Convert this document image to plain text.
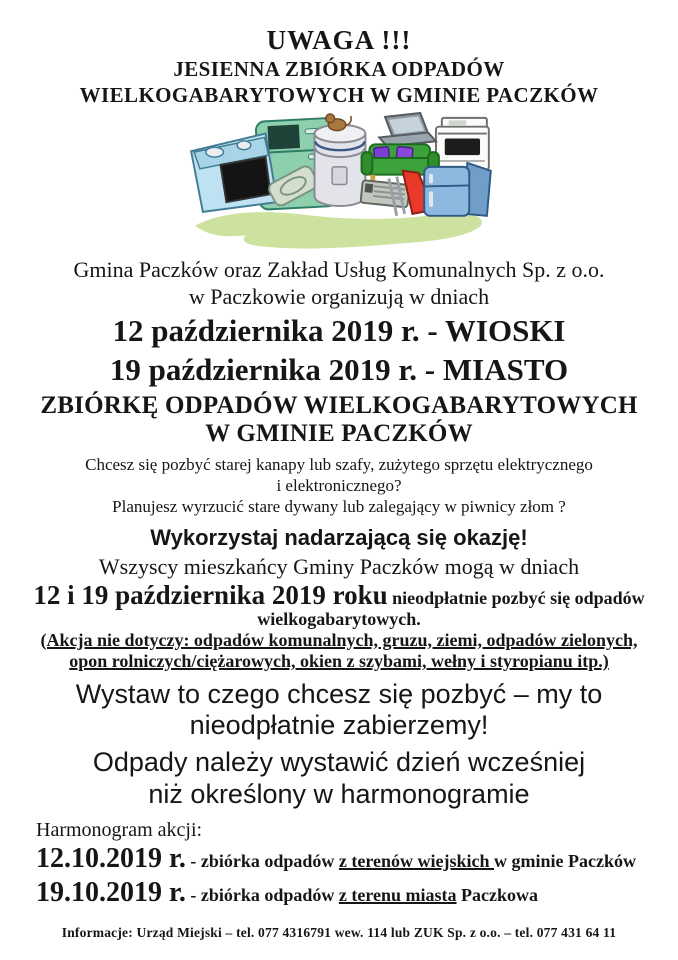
UWAGA !!!
JESIENNA ZBIÓRKA ODPADÓW
WIELKOGABARYTOWYCH W GMINIE PACZKÓW
Gmina Paczków oraz Zakład Usług Komunalnych Sp. z o.o.
w Paczkowie organizują w dniach
12 października 2019 r. - WIOSKI
19 października 2019 r. - MIASTO
ZBIÓRKĘ ODPADÓW WIELKOGABARYTOWYCH
W GMINIE PACZKÓW
Chcesz się pozbyć starej kanapy lub szafy, zużytego sprzętu elektrycznego
i elektronicznego?
Planujesz wyrzucić stare dywany lub zalegający w piwnicy złom ?
Wykorzystaj nadarzającą się okazję!
Wszyscy mieszkańcy Gminy Paczków mogą w dniach
12 i 19 października 2019 roku nieodpłatnie pozbyć się odpadów
wielkogabarytowych.
(Akcja nie dotyczy: odpadów komunalnych, gruzu, ziemi, odpadów zielonych,
opon rolniczych/ciężarowych, okien z szybami, wełny i styropianu itp.)
Wystaw to czego chcesz się pozbyć – my to
nieodpłatnie zabierzemy!
Odpady należy wystawić dzień wcześniej
niż określony w harmonogramie
Harmonogram akcji:
12.10.2019 r. - zbiórka odpadów z terenów wiejskich w gminie Paczków
19.10.2019 r. - zbiórka odpadów z terenu miasta Paczkowa
Informacje: Urząd Miejski – tel. 077 4316791 wew. 114 lub ZUK Sp. z o.o. – tel. 077 431 64 11
